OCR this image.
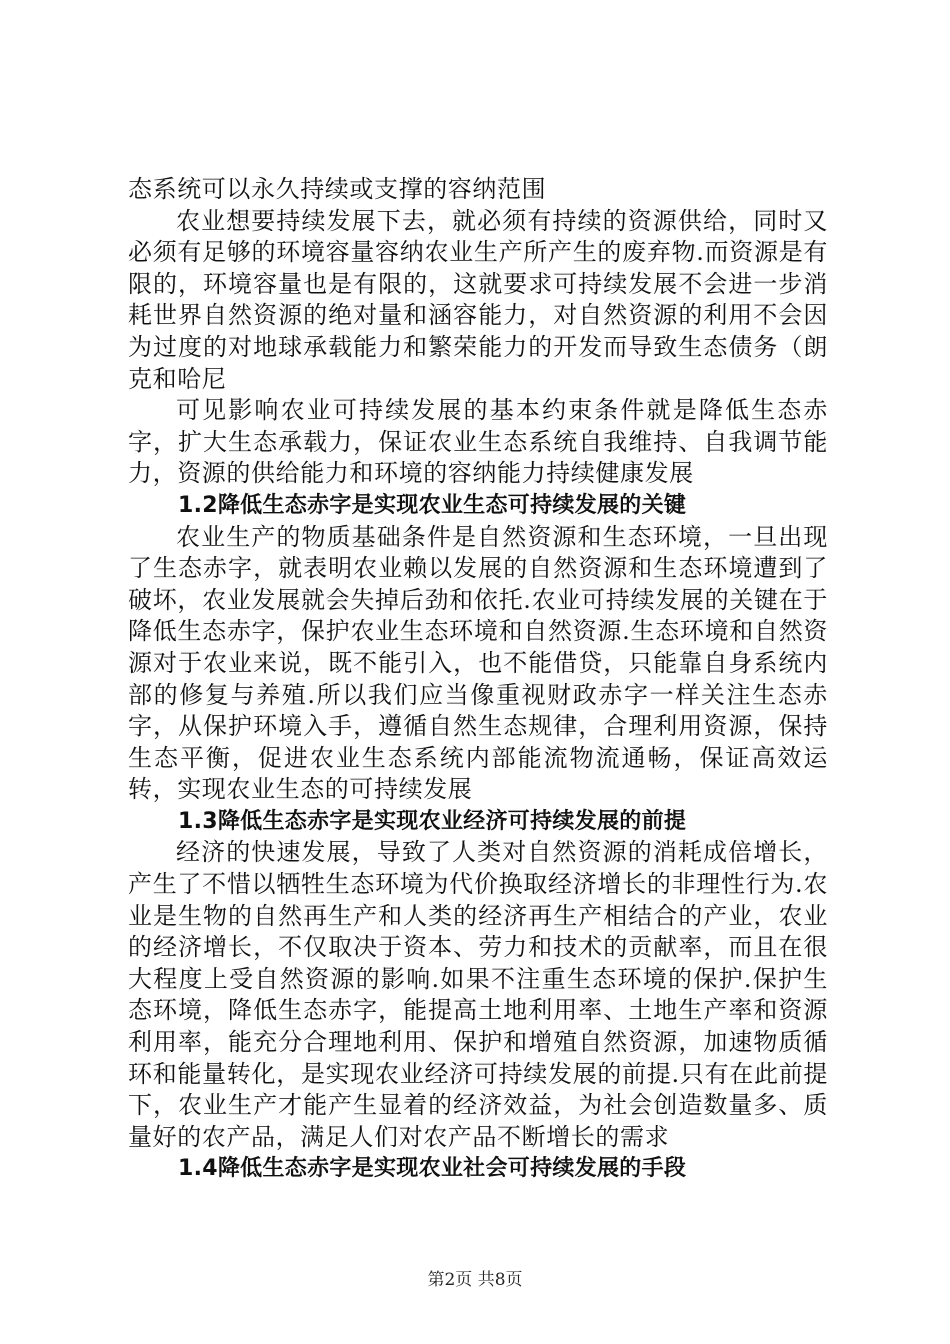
态系统可以永久持续或支撑的容纳范围

农业想要持续发展下去，就必须有持续的资源供给，同时又必须有足够的环境容量容纳农业生产所产生的废弃物.而资源是有限的，环境容量也是有限的，这就要求可持续发展不会进一步消耗世界自然资源的绝对量和涵容能力，对自然资源的利用不会因为过度的对地球承载能力和繁荣能力的开发而导致生态债务（朗克和哈尼

可见影响农业可持续发展的基本约束条件就是降低生态赤字，扩大生态承载力，保证农业生态系统自我维持、自我调节能力，资源的供给能力和环境的容纳能力持续健康发展

1.2降低生态赤字是实现农业生态可持续发展的关键

农业生产的物质基础条件是自然资源和生态环境，一旦出现了生态赤字，就表明农业赖以发展的自然资源和生态环境遭到了破坏，农业发展就会失掉后劲和依托.农业可持续发展的关键在于降低生态赤字，保护农业生态环境和自然资源.生态环境和自然资源对于农业来说，既不能引入，也不能借贷，只能靠自身系统内部的修复与养殖.所以我们应当像重视财政赤字一样关注生态赤字，从保护环境入手，遵循自然生态规律，合理利用资源，保持生态平衡，促进农业生态系统内部能流物流通畅，保证高效运转，实现农业生态的可持续发展

1.3降低生态赤字是实现农业经济可持续发展的前提

经济的快速发展，导致了人类对自然资源的消耗成倍增长，产生了不惜以牺牲生态环境为代价换取经济增长的非理性行为.农业是生物的自然再生产和人类的经济再生产相结合的产业，农业的经济增长，不仅取决于资本、劳力和技术的贡献率，而且在很大程度上受自然资源的影响.如果不注重生态环境的保护.保护生态环境，降低生态赤字，能提高土地利用率、土地生产率和资源利用率，能充分合理地利用、保护和增殖自然资源，加速物质循环和能量转化，是实现农业经济可持续发展的前提.只有在此前提下，农业生产才能产生显着的经济效益，为社会创造数量多、质量好的农产品，满足人们对农产品不断增长的需求

1.4降低生态赤字是实现农业社会可持续发展的手段

第2页 共8页
